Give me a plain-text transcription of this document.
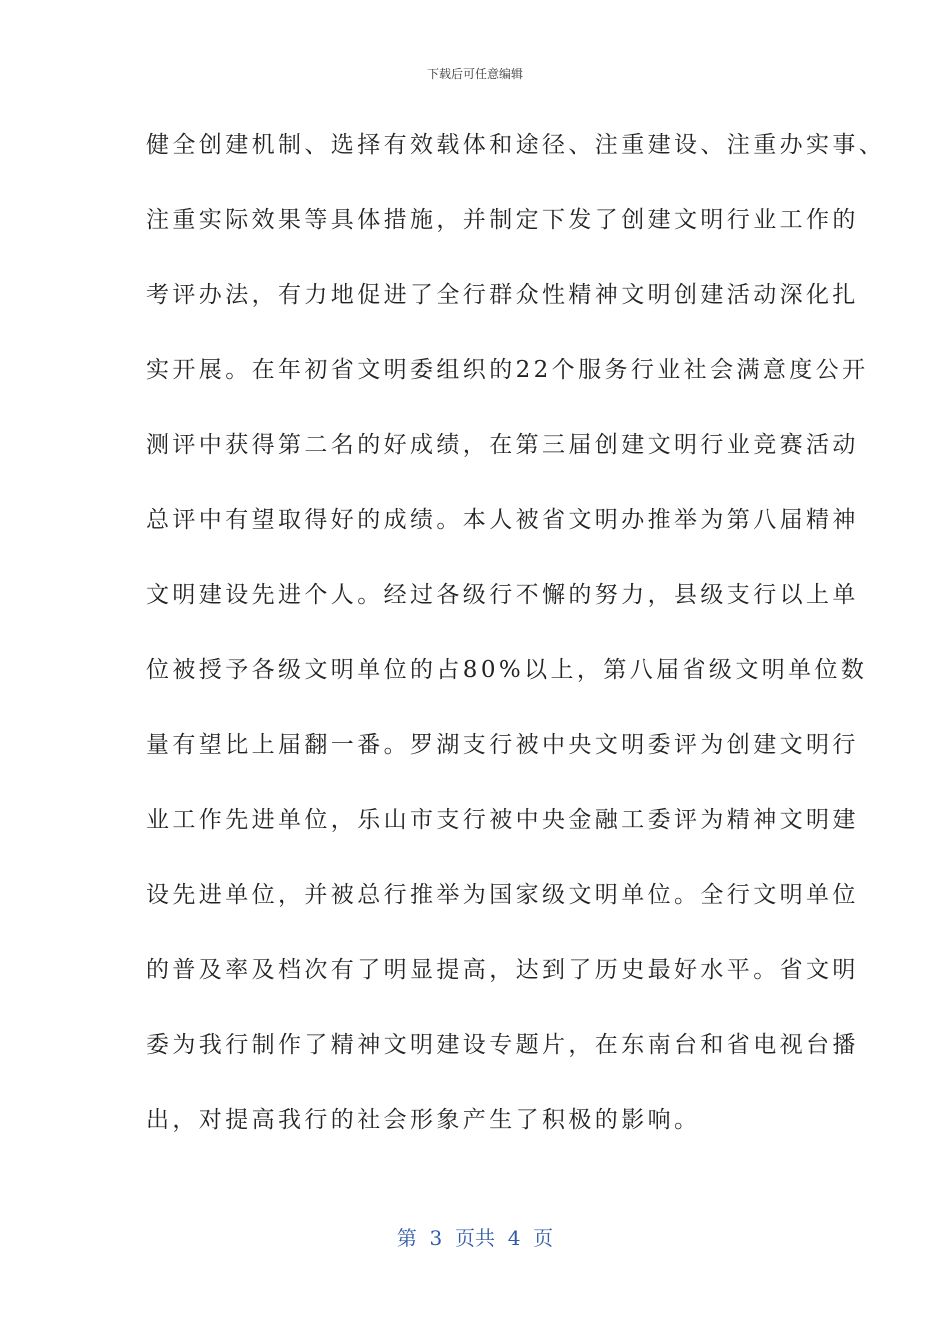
下载后可任意编辑
健全创建机制、选择有效载体和途径、注重建设、注重办实事、
注重实际效果等具体措施，并制定下发了创建文明行业工作的
考评办法，有力地促进了全行群众性精神文明创建活动深化扎
实开展。在年初省文明委组织的22个服务行业社会满意度公开
测评中获得第二名的好成绩，在第三届创建文明行业竞赛活动
总评中有望取得好的成绩。本人被省文明办推举为第八届精神
文明建设先进个人。经过各级行不懈的努力，县级支行以上单
位被授予各级文明单位的占80%以上，第八届省级文明单位数
量有望比上届翻一番。罗湖支行被中央文明委评为创建文明行
业工作先进单位，乐山市支行被中央金融工委评为精神文明建
设先进单位，并被总行推举为国家级文明单位。全行文明单位
的普及率及档次有了明显提高，达到了历史最好水平。省文明
委为我行制作了精神文明建设专题片，在东南台和省电视台播
出，对提高我行的社会形象产生了积极的影响。
第  3  页共  4  页
